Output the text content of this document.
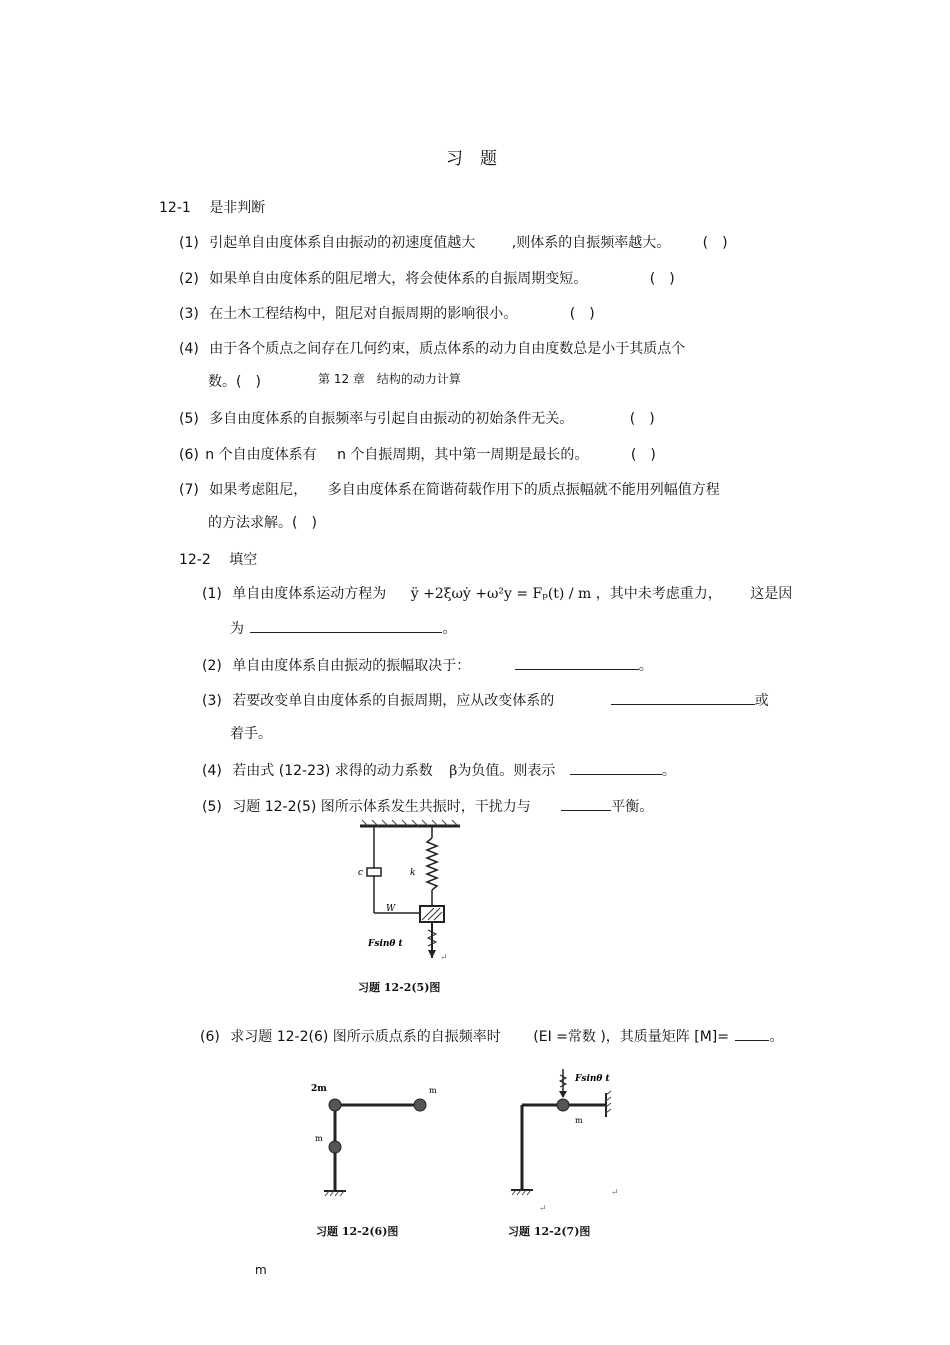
习　题
12-1 是非判断
(1) 引起单自由度体系自由振动的初速度值越大	,则体系的自振频率越大。 (　)
(2) 如果单自由度体系的阻尼增大，将会使体系的自振周期变短。	(　)
(3) 在土木工程结构中，阻尼对自振周期的影响很小。	(　)
(4) 由于各个质点之间存在几何约束，质点体系的动力自由度数总是小于其质点个
数。(　)	第 12 章　结构的动力计算
(5) 多自由度体系的自振频率与引起自由振动的初始条件无关。	(　)
(6) n 个自由度体系有 n 个自振周期，其中第一周期是最长的。	(　)
(7) 如果考虑阻尼， 多自由度体系在简谐荷载作用下的质点振幅就不能用列幅值方程
的方法求解。(　)
12-2 填空
(1) 单自由度体系运动方程为 ÿ +2ξωẏ +ω²y = Fₚ(t) / m ，其中未考虑重力， 这是因
为	。
(2) 单自由度体系自由振动的振幅取决于：	。
(3) 若要改变单自由度体系的自振周期，应从改变体系的	或
着手。
(4) 若由式 (12-23) 求得的动力系数 β为负值。则表示	。
(5) 习题 12-2(5) 图所示体系发生共振时，干扰力与	平衡。
c	k
W
Fsinθ t
↵
习题 12-2(5)图
(6) 求习题 12-2(6) 图所示质点系的自振频率时 (EI =常数 )，其质量矩阵 [M]=	。
2m	m
m
习题 12-2(6)图
Fsinθ t
m
↵
↵
习题 12-2(7)图
m
